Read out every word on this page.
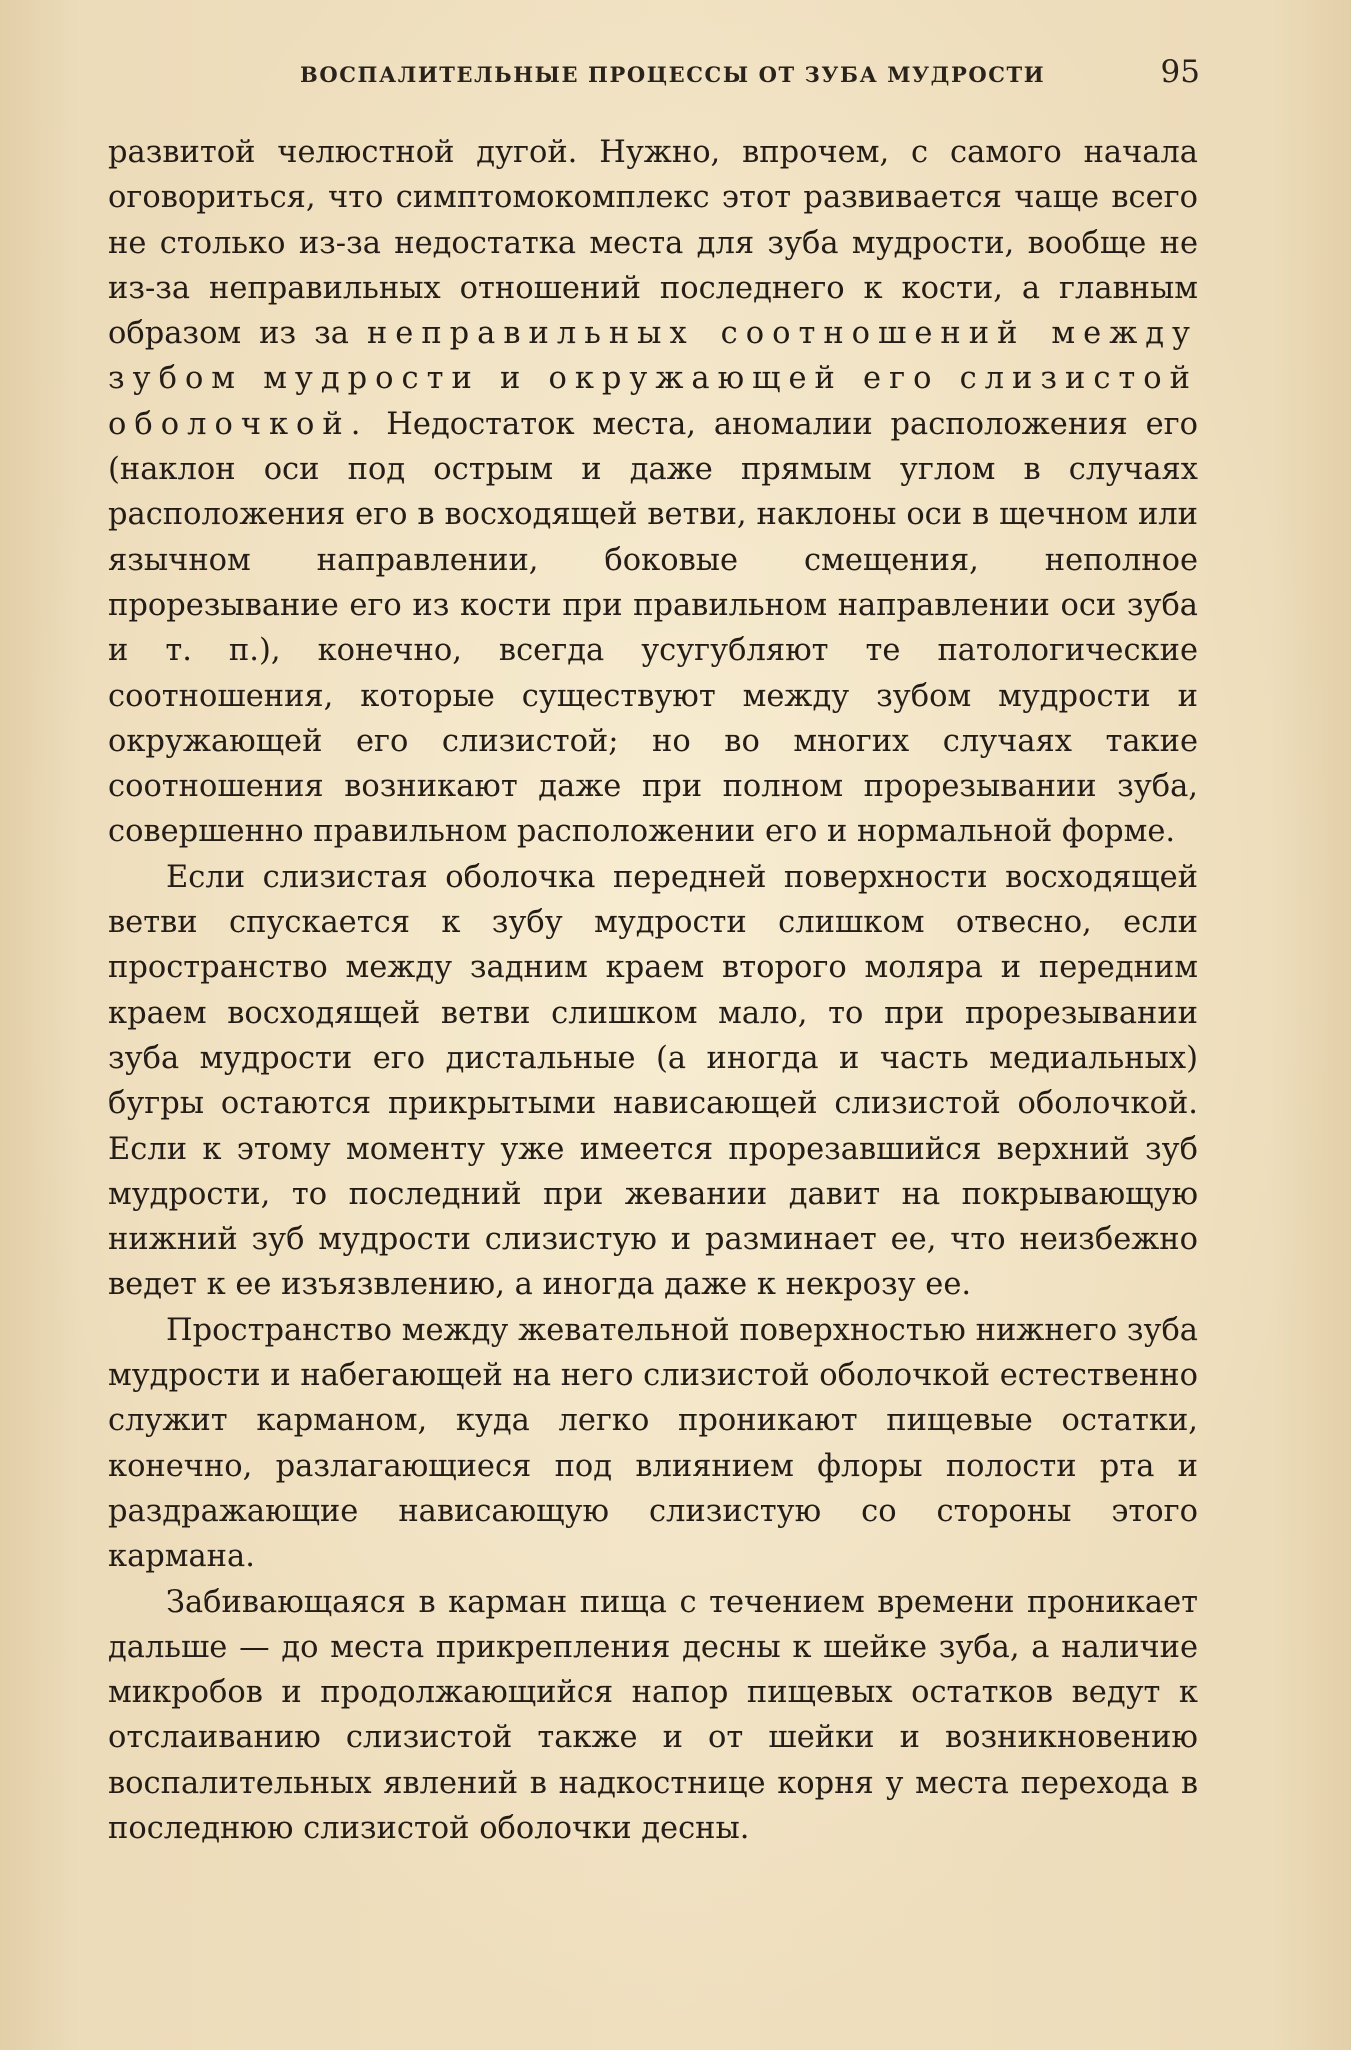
ВОСПАЛИТЕЛЬНЫЕ ПРОЦЕССЫ ОТ ЗУБА МУДРОСТИ	95

развитой челюстной дугой. Нужно, впрочем, с самого начала оговориться, что симптомокомплекс этот развивается чаще всего не столько из-за недостатка места для зуба мудрости, вообще не из-за неправильных отношений последнего к кости, а главным образом из за неправильных соотношений между зубом мудрости и окружающей его слизистой оболочкой. Недостаток места, аномалии расположения его (наклон оси под острым и даже прямым углом в случаях расположения его в восходящей ветви, наклоны оси в щечном или язычном направлении, боковые смещения, неполное прорезывание его из кости при правильном направлении оси зуба и т. п.), конечно, всегда усугубляют те патологические соотношения, которые существуют между зубом мудрости и окружающей его слизистой; но во многих случаях такие соотношения возникают даже при полном прорезывании зуба, совершенно правильном расположении его и нормальной форме.

Если слизистая оболочка передней поверхности восходящей ветви спускается к зубу мудрости слишком отвесно, если пространство между задним краем второго моляра и передним краем восходящей ветви слишком мало, то при прорезывании зуба мудрости его дистальные (а иногда и часть медиальных) бугры остаются прикрытыми нависающей слизистой оболочкой. Если к этому моменту уже имеется прорезавшийся верхний зуб мудрости, то последний при жевании давит на покрывающую нижний зуб мудрости слизистую и разминает ее, что неизбежно ведет к ее изъязвлению, а иногда даже к некрозу ее.

Пространство между жевательной поверхностью нижнего зуба мудрости и набегающей на него слизистой оболочкой естественно служит карманом, куда легко проникают пищевые остатки, конечно, разлагающиеся под влиянием флоры полости рта и раздражающие нависающую слизистую со стороны этого кармана.

Забивающаяся в карман пища с течением времени проникает дальше — до места прикрепления десны к шейке зуба, а наличие микробов и продолжающийся напор пищевых остатков ведут к отслаиванию слизистой также и от шейки и возникновению воспалительных явлений в надкостнице корня у места перехода в последнюю слизистой оболочки десны.
